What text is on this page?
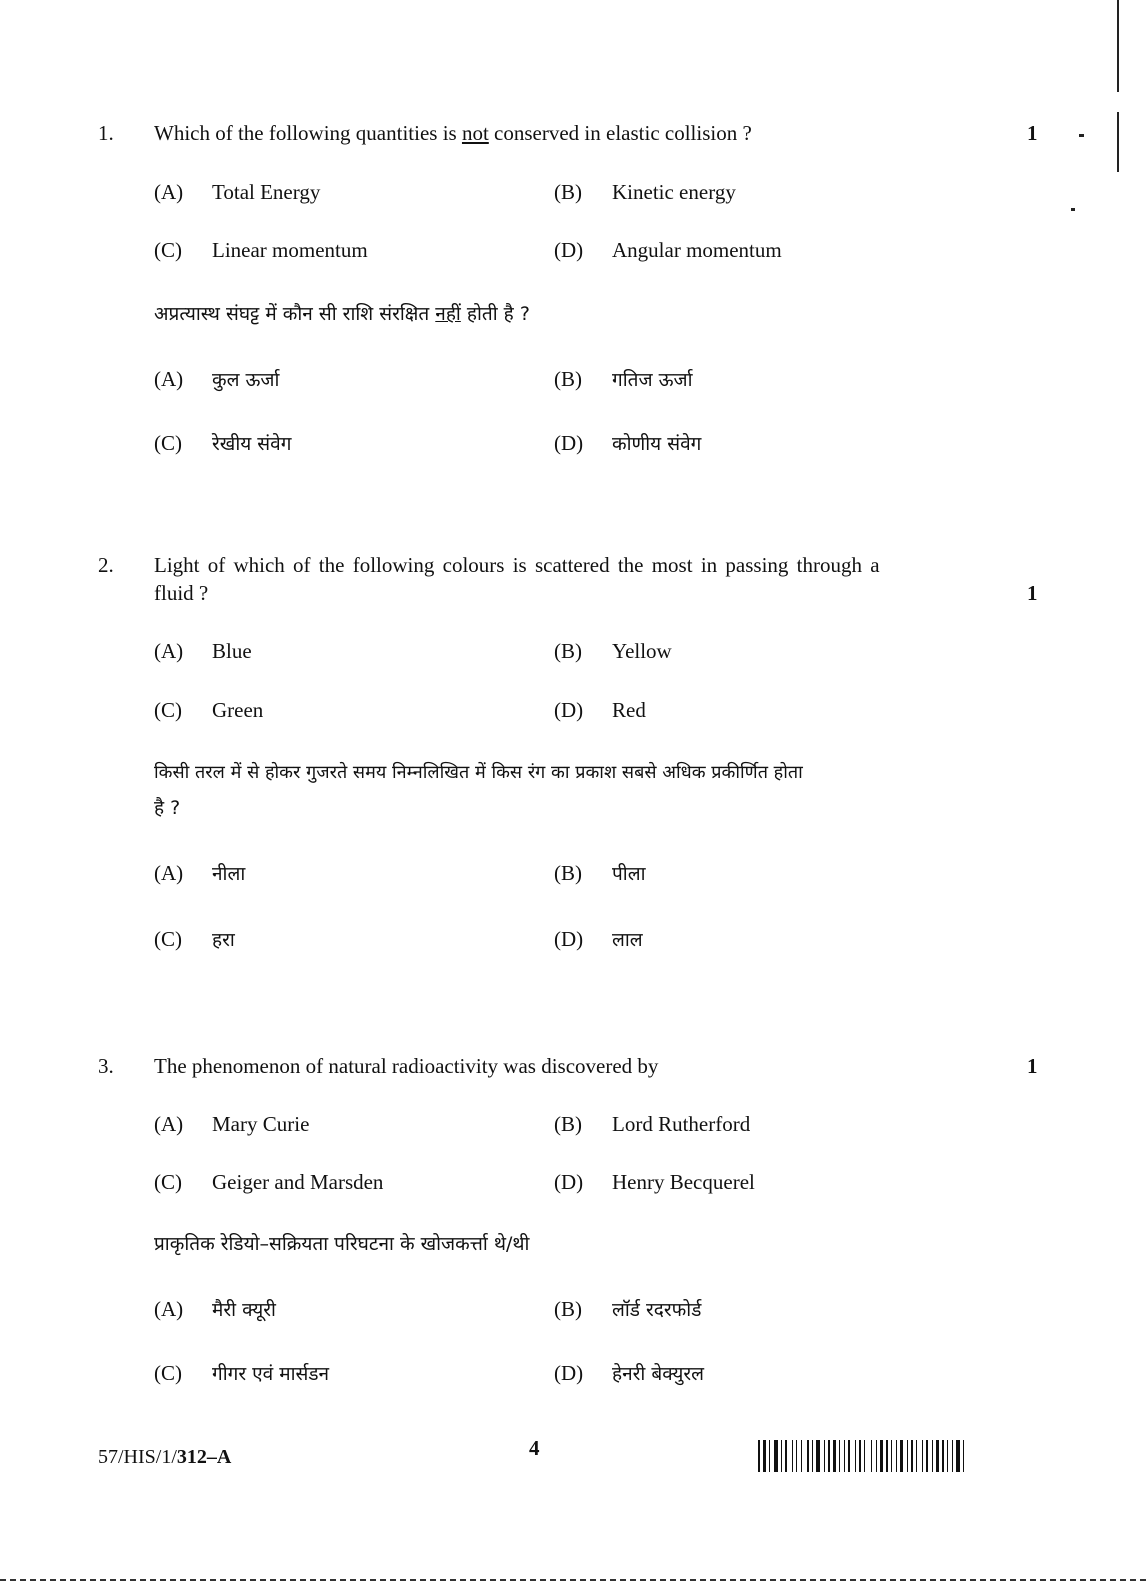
1. Which of the following quantities is not conserved in elastic collision ?	1
(A) Total Energy	(B) Kinetic energy
(C) Linear momentum	(D) Angular momentum
अप्रत्यास्थ संघट्ट में कौन सी राशि संरक्षित नहीं होती है ?
(A) कुल ऊर्जा	(B) गतिज ऊर्जा
(C) रेखीय संवेग	(D) कोणीय संवेग
2. Light of which of the following colours is scattered the most in passing through a
fluid ?	1
(A) Blue	(B) Yellow
(C) Green	(D) Red
किसी तरल में से होकर गुजरते समय निम्नलिखित में किस रंग का प्रकाश सबसे अधिक प्रकीर्णित होता
है ?
(A) नीला	(B) पीला
(C) हरा	(D) लाल
3. The phenomenon of natural radioactivity was discovered by	1
(A) Mary Curie	(B) Lord Rutherford
(C) Geiger and Marsden	(D) Henry Becquerel
प्राकृतिक रेडियो–सक्रियता परिघटना के खोजकर्त्ता थे/थी
(A) मैरी क्यूरी	(B) लॉर्ड रदरफोर्ड
(C) गीगर एवं मार्सडन	(D) हेनरी बेक्युरल
57/HIS/1/312–A	4
